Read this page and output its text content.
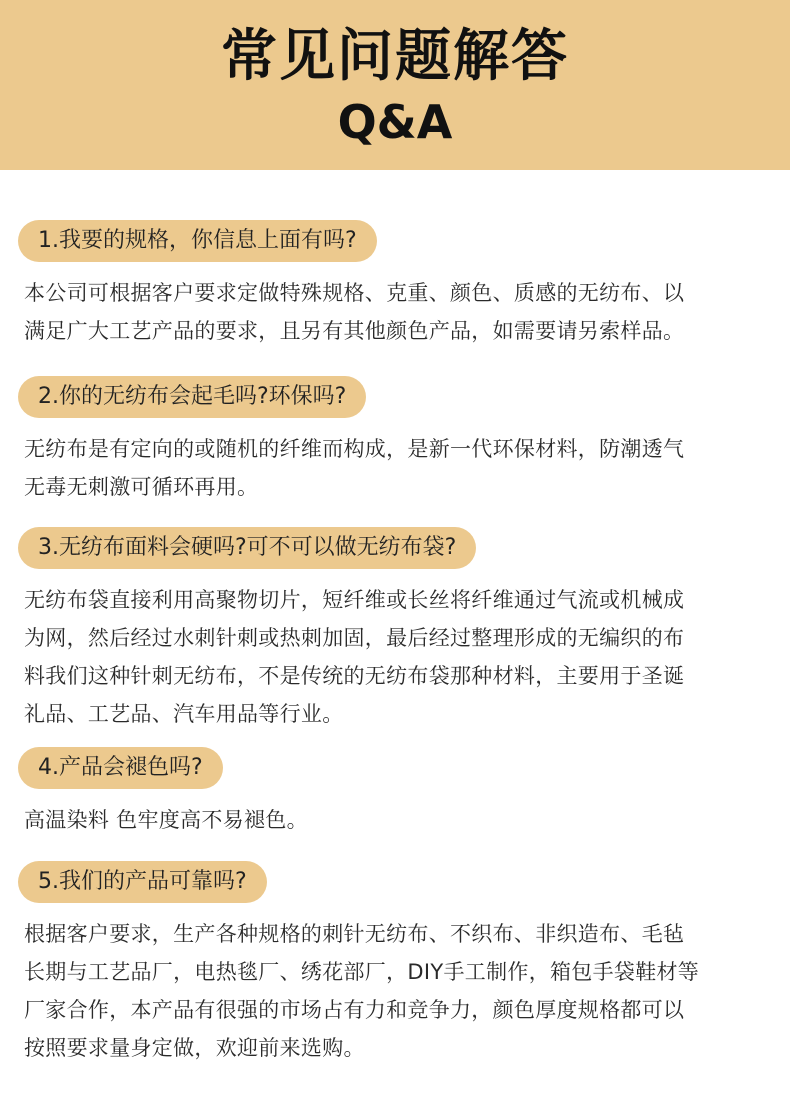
常见问题解答
Q&A
1.我要的规格，你信息上面有吗?
本公司可根据客户要求定做特殊规格、克重、颜色、质感的无纺布、以
满足广大工艺产品的要求，且另有其他颜色产品，如需要请另索样品。
2.你的无纺布会起毛吗?环保吗?
无纺布是有定向的或随机的纤维而构成，是新一代环保材料，防潮透气
无毒无刺激可循环再用。
3.无纺布面料会硬吗?可不可以做无纺布袋?
无纺布袋直接利用高聚物切片，短纤维或长丝将纤维通过气流或机械成
为网，然后经过水刺针刺或热刺加固，最后经过整理形成的无编织的布
料我们这种针刺无纺布，不是传统的无纺布袋那种材料，主要用于圣诞
礼品、工艺品、汽车用品等行业。
4.产品会褪色吗?
高温染料 色牢度高不易褪色。
5.我们的产品可靠吗?
根据客户要求，生产各种规格的刺针无纺布、不织布、非织造布、毛毡
长期与工艺品厂，电热毯厂、绣花部厂，DIY手工制作，箱包手袋鞋材等
厂家合作，本产品有很强的市场占有力和竞争力，颜色厚度规格都可以
按照要求量身定做，欢迎前来选购。
